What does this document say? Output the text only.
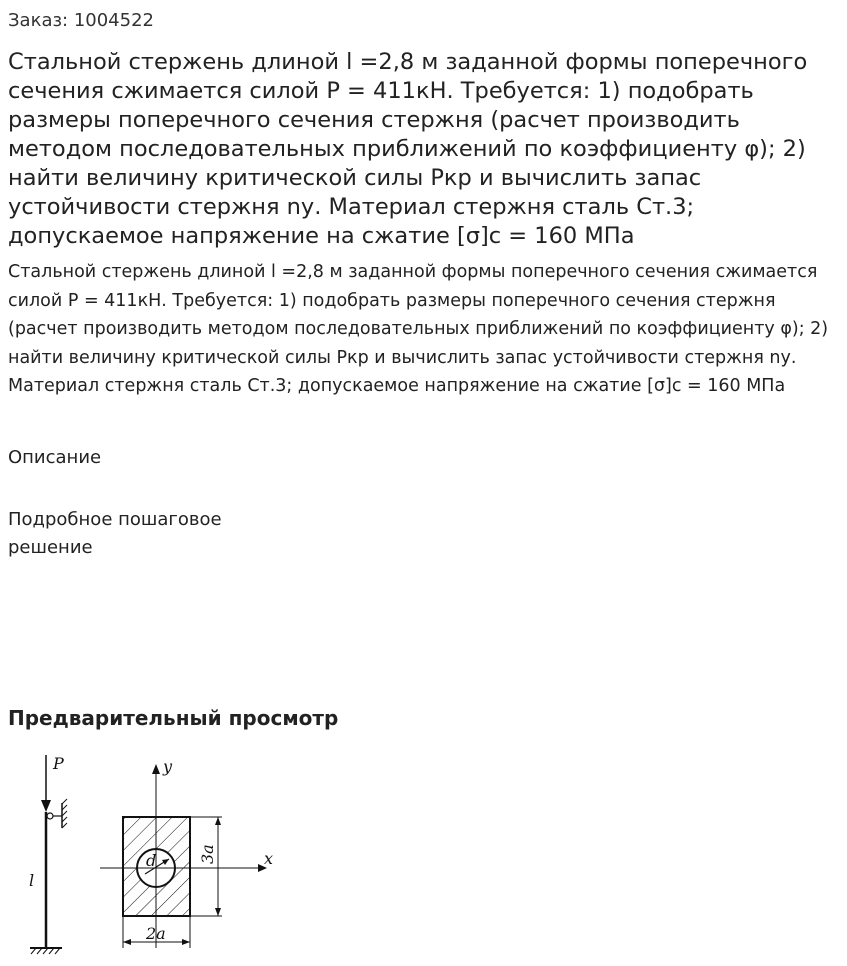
Заказ: 1004522
Стальной стержень длиной l =2,8 м заданной формы поперечного сечения сжимается силой P = 411кН. Требуется: 1) подобрать размеры поперечного сечения стержня (расчет производить методом последовательных приближений по коэффициенту φ); 2) найти величину критической силы Pкр и вычислить запас устойчивости стержня nу. Материал стержня сталь Ст.3; допускаемое напряжение на сжатие [σ]с = 160 МПа

Стальной стержень длиной l =2,8 м заданной формы поперечного сечения сжимается силой P = 411кН. Требуется: 1) подобрать размеры поперечного сечения стержня (расчет производить методом последовательных приближений по коэффициенту φ); 2) найти величину критической силы Pкр и вычислить запас устойчивости стержня nу. Материал стержня сталь Ст.3; допускаемое напряжение на сжатие [σ]с = 160 МПа

Описание
Подробное пошаговое решение
Предварительный просмотр
P
l
y
x
d	3a
2a
